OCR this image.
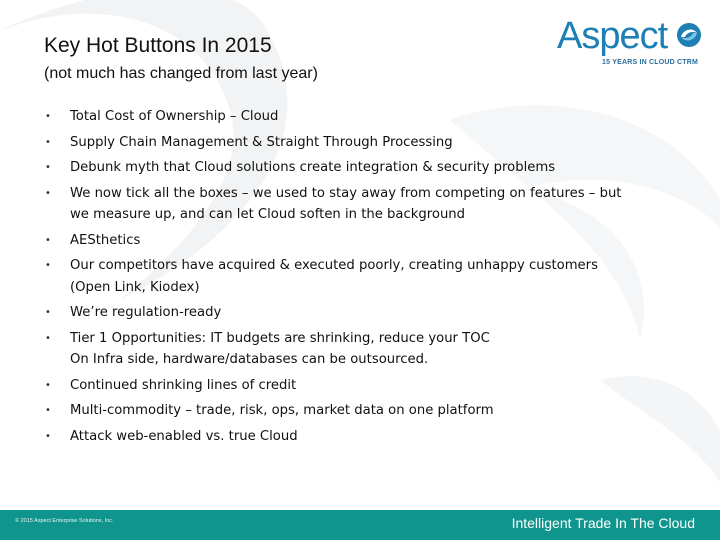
Key Hot Buttons In 2015
(not much has changed from last year)
Aspect
15 YEARS IN CLOUD CTRM
• Total Cost of Ownership – Cloud
• Supply Chain Management & Straight Through Processing
• Debunk myth that Cloud solutions create integration & security problems
• We now tick all the boxes – we used to stay away from competing on features – but
we measure up, and can let Cloud soften in the background
• AESthetics
• Our competitors have acquired & executed poorly, creating unhappy customers
(Open Link, Kiodex)
• We’re regulation-ready
• Tier 1 Opportunities: IT budgets are shrinking, reduce your TOC
On Infra side, hardware/databases can be outsourced.
• Continued shrinking lines of credit
• Multi-commodity – trade, risk, ops, market data on one platform
• Attack web-enabled vs. true Cloud
© 2015 Aspect Enterprise Solutions, Inc.	Intelligent Trade In The Cloud
